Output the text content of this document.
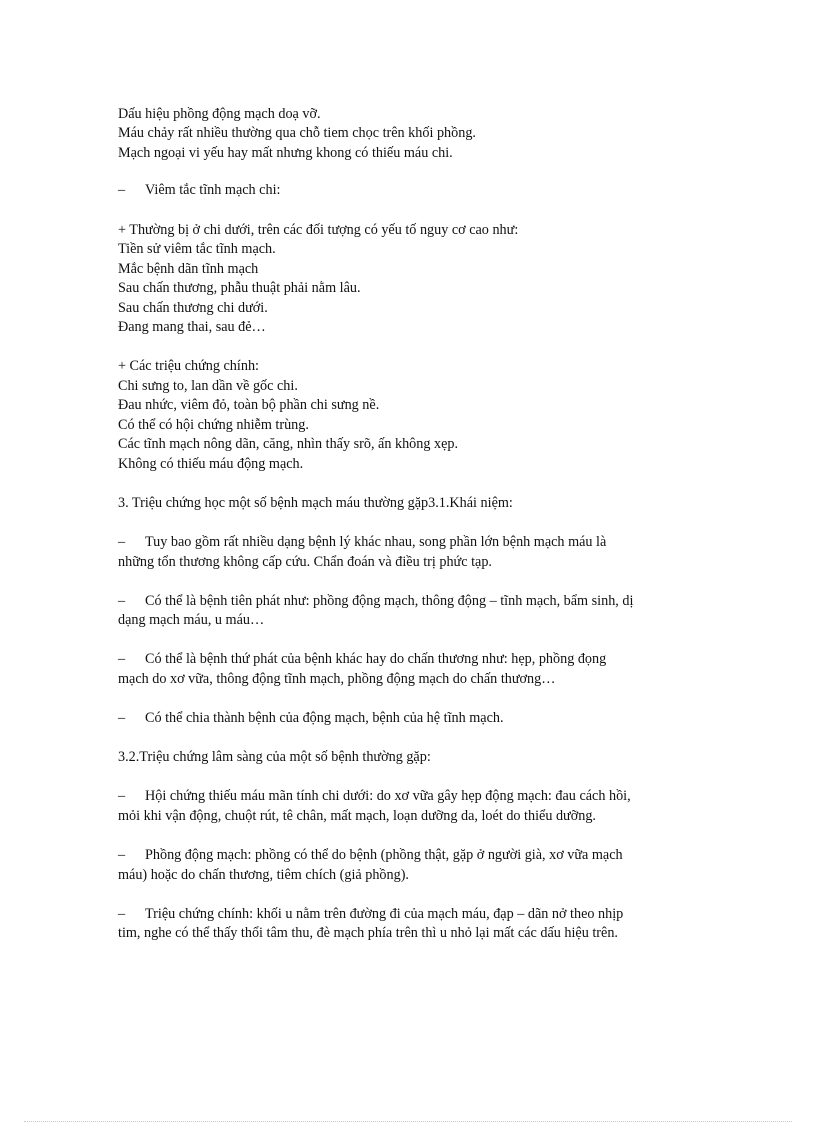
Dấu hiệu phồng động mạch doạ vỡ.
Máu chảy rất nhiều thường qua chỗ tiem chọc trên khối phồng.
Mạch ngoại vi yếu hay mất nhưng khong có thiếu máu chi.
– Viêm tắc tĩnh mạch chi:
+ Thường bị ở chi dưới, trên các đối tượng có yếu tố nguy cơ cao như:
Tiền sử viêm tắc tĩnh mạch.
Mắc bệnh dãn tĩnh mạch
Sau chấn thương, phẫu thuật phải nằm lâu.
Sau chấn thương chi dưới.
Đang mang thai, sau đẻ…
+ Các triệu chứng chính:
Chi sưng to, lan dần về gốc chi.
Đau nhức, viêm đỏ, toàn bộ phần chi sưng nề.
Có thể có hội chứng nhiễm trùng.
Các tĩnh mạch nông dãn, căng, nhìn thấy srõ, ấn không xẹp.
Không có thiếu máu động mạch.
3. Triệu chứng học một số bệnh mạch máu thường gặp3.1.Khái niệm:
– Tuy bao gồm rất nhiều dạng bệnh lý khác nhau, song phần lớn bệnh mạch máu là
những tổn thương không cấp cứu. Chẩn đoán và điều trị phức tạp.
– Có thể là bệnh tiên phát như: phồng động mạch, thông động – tĩnh mạch, bẩm sinh, dị
dạng mạch máu, u máu…
– Có thể là bệnh thứ phát của bệnh khác hay do chấn thương như: hẹp, phồng đọng
mạch do xơ vữa, thông động tĩnh mạch, phồng động mạch do chấn thương…
– Có thể chia thành bệnh của động mạch, bệnh của hệ tĩnh mạch.
3.2.Triệu chứng lâm sàng của một số bệnh thường gặp:
– Hội chứng thiếu máu mãn tính chi dưới: do xơ vữa gây hẹp động mạch: đau cách hồi,
mỏi khi vận động, chuột rút, tê chân, mất mạch, loạn dưỡng da, loét do thiểu dưỡng.
– Phồng động mạch: phồng có thể do bệnh (phồng thật, gặp ở người già, xơ vữa mạch
máu) hoặc do chấn thương, tiêm chích (giả phồng).
– Triệu chứng chính: khối u nằm trên đường đi của mạch máu, đạp – dãn nở theo nhịp
tim, nghe có thể thấy thổi tâm thu, đè mạch phía trên thì u nhỏ lại mất các dấu hiệu trên.
